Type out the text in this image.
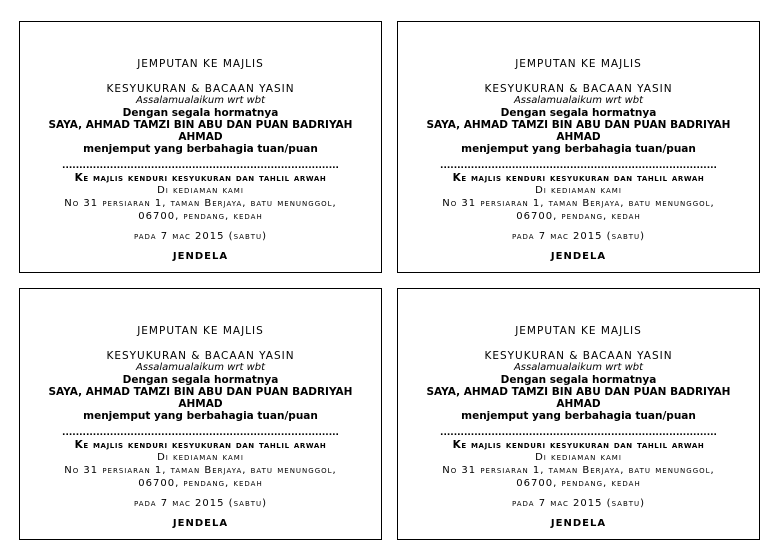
JEMPUTAN KE MAJLIS
KESYUKURAN & BACAAN YASIN
Assalamualaikum wrt wbt
Dengan segala hormatnya
SAYA, AHMAD TAMZI BIN ABU DAN PUAN BADRIYAH AHMAD
menjemput yang berbahagia tuan/puan
.................................................................................
Ke majlis kenduri kesyukuran dan tahlil arwah
Di kediaman kami
No 31 persiaran 1, taman Berjaya, batu menunggol,
06700, pendang, kedah
pada 7 mac 2015 (sabtu)
JENDELA
JEMPUTAN KE MAJLIS
KESYUKURAN & BACAAN YASIN
Assalamualaikum wrt wbt
Dengan segala hormatnya
SAYA, AHMAD TAMZI BIN ABU DAN PUAN BADRIYAH AHMAD
menjemput yang berbahagia tuan/puan
.................................................................................
Ke majlis kenduri kesyukuran dan tahlil arwah
Di kediaman kami
No 31 persiaran 1, taman Berjaya, batu menunggol,
06700, pendang, kedah
pada 7 mac 2015 (sabtu)
JENDELA
JEMPUTAN KE MAJLIS
KESYUKURAN & BACAAN YASIN
Assalamualaikum wrt wbt
Dengan segala hormatnya
SAYA, AHMAD TAMZI BIN ABU DAN PUAN BADRIYAH AHMAD
menjemput yang berbahagia tuan/puan
.................................................................................
Ke majlis kenduri kesyukuran dan tahlil arwah
Di kediaman kami
No 31 persiaran 1, taman Berjaya, batu menunggol,
06700, pendang, kedah
pada 7 mac 2015 (sabtu)
JENDELA
JEMPUTAN KE MAJLIS
KESYUKURAN & BACAAN YASIN
Assalamualaikum wrt wbt
Dengan segala hormatnya
SAYA, AHMAD TAMZI BIN ABU DAN PUAN BADRIYAH AHMAD
menjemput yang berbahagia tuan/puan
.................................................................................
Ke majlis kenduri kesyukuran dan tahlil arwah
Di kediaman kami
No 31 persiaran 1, taman Berjaya, batu menunggol,
06700, pendang, kedah
pada 7 mac 2015 (sabtu)
JENDELA
